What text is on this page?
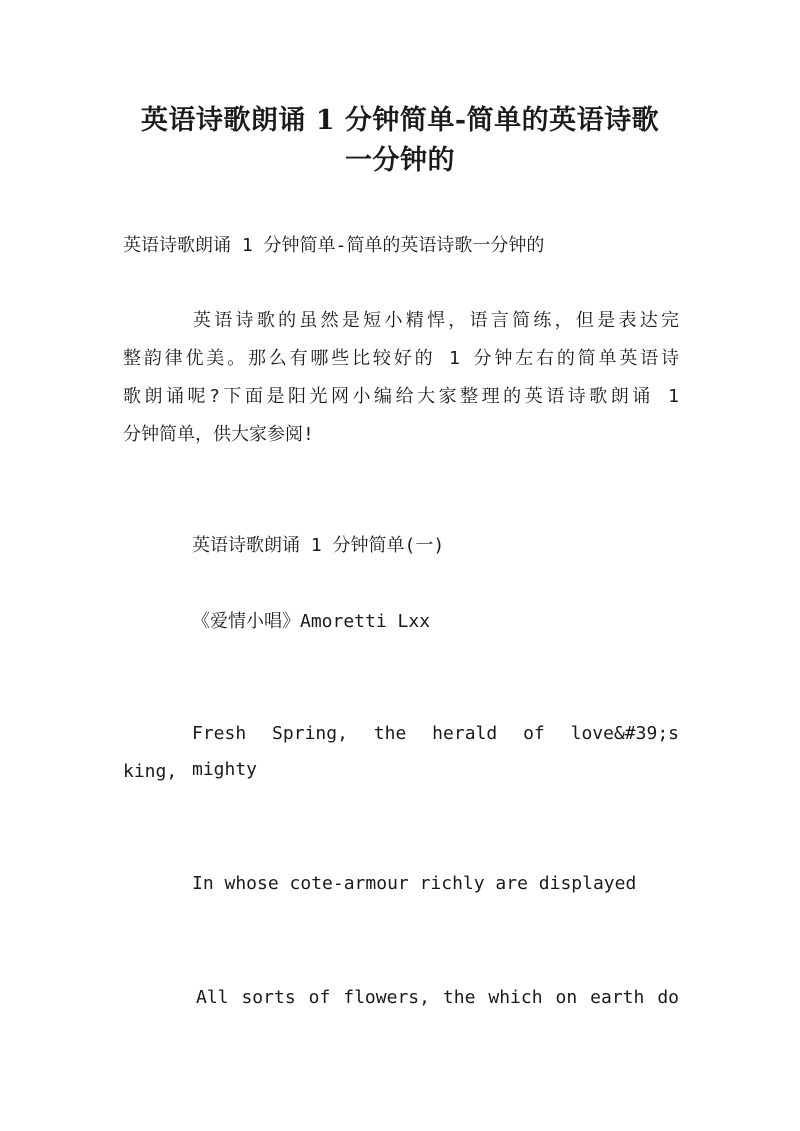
英语诗歌朗诵 1 分钟简单-简单的英语诗歌
一分钟的
英语诗歌朗诵 1 分钟简单-简单的英语诗歌一分钟的
英语诗歌的虽然是短小精悍，语言简练，但是表达完
整韵律优美。那么有哪些比较好的 1 分钟左右的简单英语诗
歌朗诵呢?下面是阳光网小编给大家整理的英语诗歌朗诵 1
分钟简单，供大家参阅!
英语诗歌朗诵 1 分钟简单(一)
《爱情小唱》Amoretti Lxx
Fresh Spring, the herald of love&#39;s mighty
king,
In whose cote-armour richly are displayed
All sorts of flowers, the which on earth do
